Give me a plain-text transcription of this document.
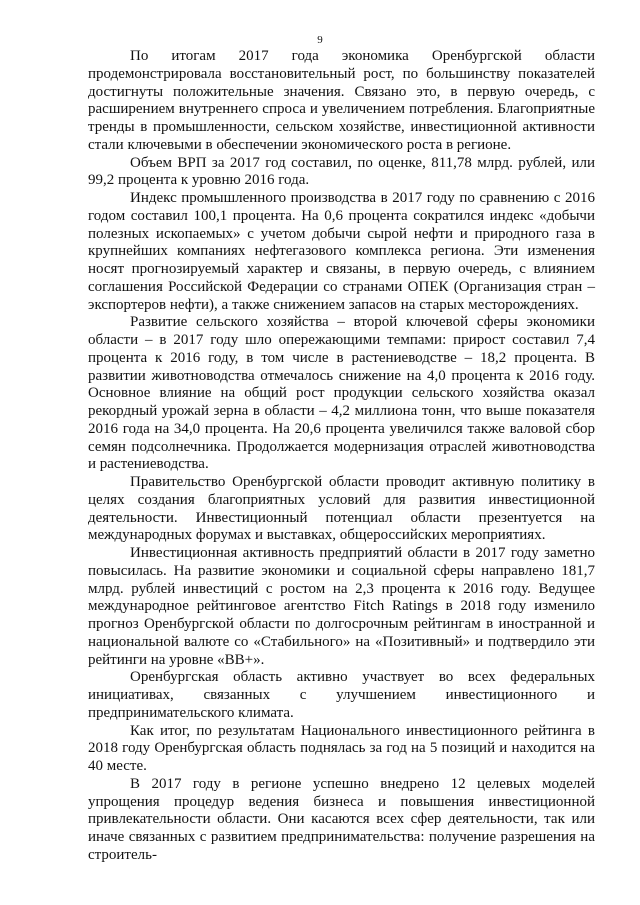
9

По итогам 2017 года экономика Оренбургской области продемонстрировала восстановительный рост, по большинству показателей достигнуты положительные значения. Связано это, в первую очередь, с расширением внутреннего спроса и увеличением потребления. Благоприятные тренды в промышленности, сельском хозяйстве, инвестиционной активности стали ключевыми в обеспечении экономического роста в регионе.

Объем ВРП за 2017 год составил, по оценке, 811,78 млрд. рублей, или 99,2 процента к уровню 2016 года.

Индекс промышленного производства в 2017 году по сравнению с 2016 годом составил 100,1 процента. На 0,6 процента сократился индекс «добычи полезных ископаемых» с учетом добычи сырой нефти и природного газа в крупнейших компаниях нефтегазового комплекса региона. Эти изменения носят прогнозируемый характер и связаны, в первую очередь, с влиянием соглашения Российской Федерации со странами ОПЕК (Организация стран – экспортеров нефти), а также снижением запасов на старых месторождениях.

Развитие сельского хозяйства – второй ключевой сферы экономики области – в 2017 году шло опережающими темпами: прирост составил 7,4 процента к 2016 году, в том числе в растениеводстве – 18,2 процента. В развитии животноводства отмечалось снижение на 4,0 процента к 2016 году. Основное влияние на общий рост продукции сельского хозяйства оказал рекордный урожай зерна в области – 4,2 миллиона тонн, что выше показателя 2016 года на 34,0 процента. На 20,6 процента увеличился также валовой сбор семян подсолнечника. Продолжается модернизация отраслей животноводства и растениеводства.

Правительство Оренбургской области проводит активную политику в целях создания благоприятных условий для развития инвестиционной деятельности. Инвестиционный потенциал области презентуется на международных форумах и выставках, общероссийских мероприятиях.

Инвестиционная активность предприятий области в 2017 году заметно повысилась. На развитие экономики и социальной сферы направлено 181,7 млрд. рублей инвестиций с ростом на 2,3 процента к 2016 году. Ведущее международное рейтинговое агентство Fitch Ratings в 2018 году изменило прогноз Оренбургской области по долгосрочным рейтингам в иностранной и национальной валюте со «Стабильного» на «Позитивный» и подтвердило эти рейтинги на уровне «BB+».

Оренбургская область активно участвует во всех федеральных инициативах, связанных с улучшением инвестиционного и предпринимательского климата.

Как итог, по результатам Национального инвестиционного рейтинга в 2018 году Оренбургская область поднялась за год на 5 позиций и находится на 40 месте.

В 2017 году в регионе успешно внедрено 12 целевых моделей упрощения процедур ведения бизнеса и повышения инвестиционной привлекательности области. Они касаются всех сфер деятельности, так или иначе связанных с развитием предпринимательства: получение разрешения на строитель-
